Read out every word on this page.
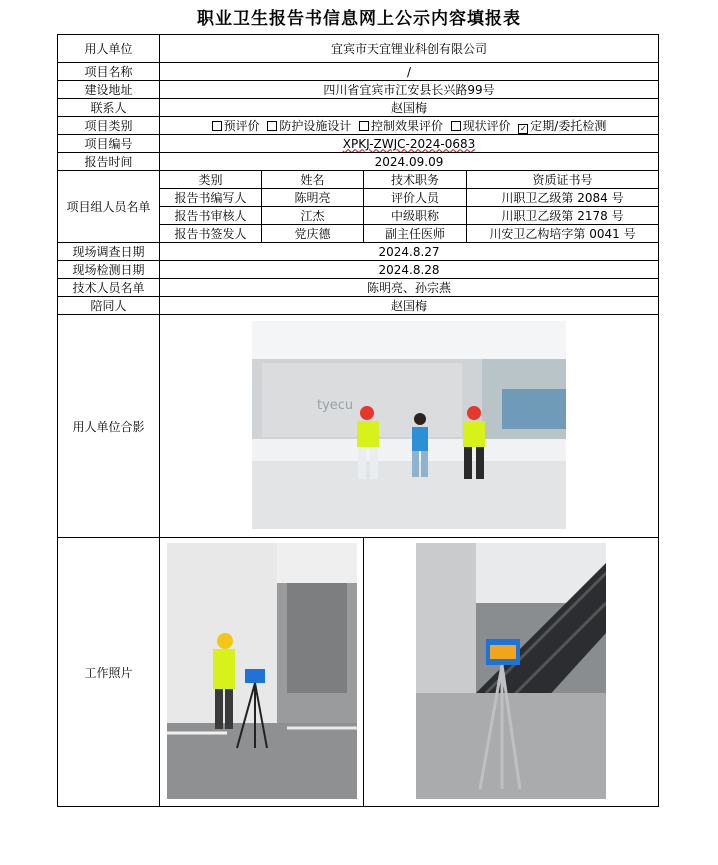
职业卫生报告书信息网上公示内容填报表
用人单位	宜宾市天宜锂业科创有限公司			
项目名称	/			
建设地址	四川省宜宾市江安县长兴路99号			
联系人	赵国梅			
项目类别	预评价 防护设施设计 控制效果评价 现状评价 ✓ 定期/委托检测			
项目编号	XPKJ-ZWJC-2024-0683			
报告时间	2024.09.09			
项目组人员名单	类别	姓名	技术职务	资质证书号
	报告书编写人	陈明亮	评价人员	川职卫乙级第 2084 号
	报告书审核人	江杰	中级职称	川职卫乙级第 2178 号
	报告书签发人	党庆德	副主任医师	川安卫乙构培字第 0041 号
现场调查日期	2024.8.27			
现场检测日期	2024.8.28			
技术人员名单	陈明亮、孙宗燕			
陪同人	赵国梅			
用人单位合影	tyecu			

工作照片		
